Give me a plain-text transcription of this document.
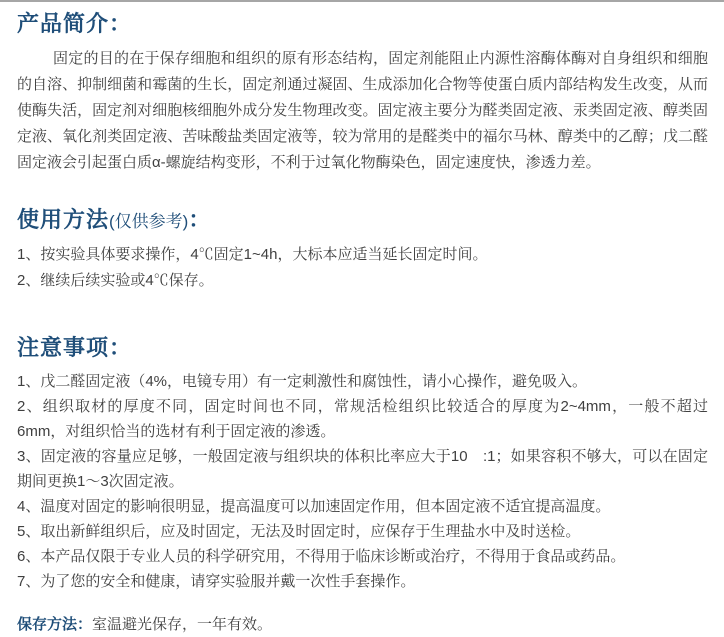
产品简介：

固定的目的在于保存细胞和组织的原有形态结构，固定剂能阻止内源性溶酶体酶对自身组织和细胞的自溶、抑制细菌和霉菌的生长，固定剂通过凝固、生成添加化合物等使蛋白质内部结构发生改变，从而使酶失活，固定剂对细胞核细胞外成分发生物理改变。固定液主要分为醛类固定液、汞类固定液、醇类固定液、氧化剂类固定液、苦味酸盐类固定液等，较为常用的是醛类中的福尔马林、醇类中的乙醇；戊二醛固定液会引起蛋白质α-螺旋结构变形，不利于过氧化物酶染色，固定速度快，渗透力差。

使用方法(仅供参考)：

1、按实验具体要求操作，4℃固定1~4h，大标本应适当延长固定时间。

2、继续后续实验或4℃保存。

注意事项：

1、戊二醛固定液（4%，电镜专用）有一定刺激性和腐蚀性，请小心操作，避免吸入。

2、组织取材的厚度不同，固定时间也不同，常规活检组织比较适合的厚度为2~4mm，一般不超过6mm，对组织恰当的选材有利于固定液的渗透。

3、固定液的容量应足够，一般固定液与组织块的体积比率应大于10　:1；如果容积不够大，可以在固定期间更换1～3次固定液。

4、温度对固定的影响很明显，提高温度可以加速固定作用，但本固定液不适宜提高温度。

5、取出新鲜组织后，应及时固定，无法及时固定时，应保存于生理盐水中及时送检。

6、本产品仅限于专业人员的科学研究用，不得用于临床诊断或治疗，不得用于食品或药品。

7、为了您的安全和健康，请穿实验服并戴一次性手套操作。

保存方法：室温避光保存，一年有效。
